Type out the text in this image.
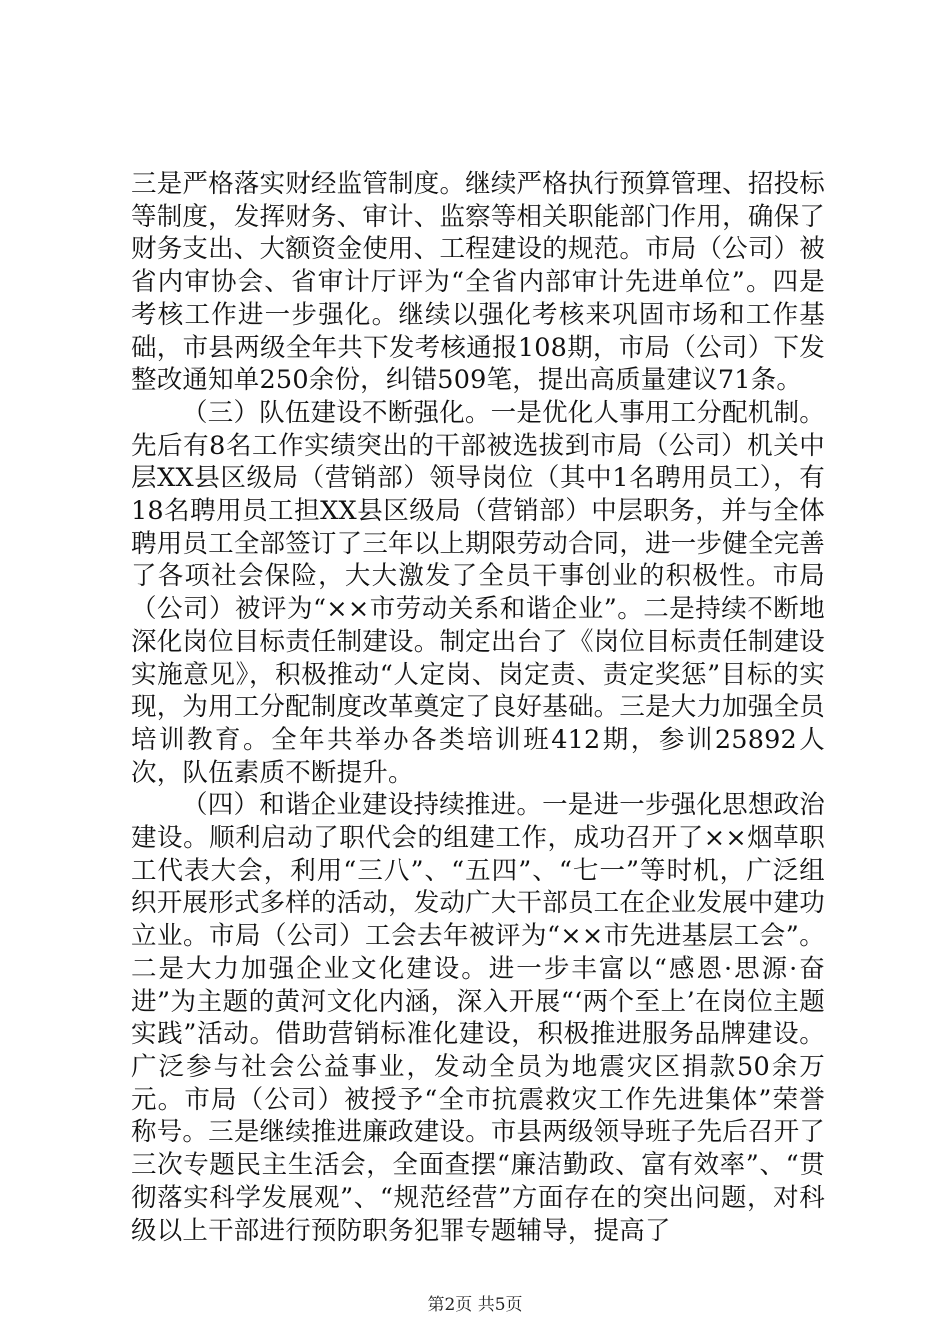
三是严格落实财经监管制度。继续严格执行预算管理、招投标等制度，发挥财务、审计、监察等相关职能部门作用，确保了财务支出、大额资金使用、工程建设的规范。市局（公司）被省内审协会、省审计厅评为“全省内部审计先进单位”。四是考核工作进一步强化。继续以强化考核来巩固市场和工作基础，市县两级全年共下发考核通报108期，市局（公司）下发整改通知单250余份，纠错509笔，提出高质量建议71条。

（三）队伍建设不断强化。一是优化人事用工分配机制。先后有8名工作实绩突出的干部被选拔到市局（公司）机关中层XX县区级局（营销部）领导岗位（其中1名聘用员工），有18名聘用员工担XX县区级局（营销部）中层职务，并与全体聘用员工全部签订了三年以上期限劳动合同，进一步健全完善了各项社会保险，大大激发了全员干事创业的积极性。市局（公司）被评为“××市劳动关系和谐企业”。二是持续不断地深化岗位目标责任制建设。制定出台了《岗位目标责任制建设实施意见》，积极推动“人定岗、岗定责、责定奖惩”目标的实现，为用工分配制度改革奠定了良好基础。三是大力加强全员培训教育。全年共举办各类培训班412期，参训25892人次，队伍素质不断提升。

（四）和谐企业建设持续推进。一是进一步强化思想政治建设。顺利启动了职代会的组建工作，成功召开了××烟草职工代表大会，利用“三八”、“五四”、“七一”等时机，广泛组织开展形式多样的活动，发动广大干部员工在企业发展中建功立业。市局（公司）工会去年被评为“××市先进基层工会”。二是大力加强企业文化建设。进一步丰富以“感恩·思源·奋进”为主题的黄河文化内涵，深入开展“‘两个至上’在岗位主题实践”活动。借助营销标准化建设，积极推进服务品牌建设。广泛参与社会公益事业，发动全员为地震灾区捐款50余万元。市局（公司）被授予“全市抗震救灾工作先进集体”荣誉称号。三是继续推进廉政建设。市县两级领导班子先后召开了三次专题民主生活会，全面查摆“廉洁勤政、富有效率”、“贯彻落实科学发展观”、“规范经营”方面存在的突出问题，对科级以上干部进行预防职务犯罪专题辅导，提高了

第2页 共5页
